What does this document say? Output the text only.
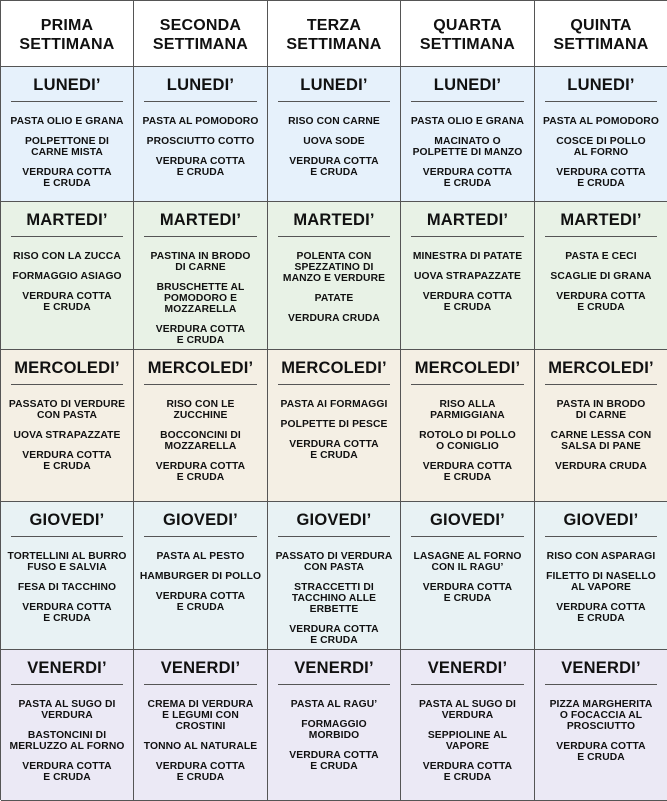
PRIMA
SETTIMANA
SECONDA
SETTIMANA
TERZA
SETTIMANA
QUARTA
SETTIMANA
QUINTA
SETTIMANA
LUNEDI’
PASTA OLIO E GRANA
POLPETTONE DI
CARNE MISTA
VERDURA COTTA
E CRUDA
LUNEDI’
PASTA AL POMODORO
PROSCIUTTO COTTO
VERDURA COTTA
E CRUDA
LUNEDI’
RISO CON CARNE
UOVA SODE
VERDURA COTTA
E CRUDA
LUNEDI’
PASTA OLIO E GRANA
MACINATO O
POLPETTE DI MANZO
VERDURA COTTA
E CRUDA
LUNEDI’
PASTA AL POMODORO
COSCE DI POLLO
AL FORNO
VERDURA COTTA
E CRUDA
MARTEDI’
RISO CON LA ZUCCA
FORMAGGIO ASIAGO
VERDURA COTTA
E CRUDA
MARTEDI’
PASTINA IN BRODO
DI CARNE
BRUSCHETTE AL
POMODORO E
MOZZARELLA
VERDURA COTTA
E CRUDA
MARTEDI’
POLENTA CON
SPEZZATINO DI
MANZO E VERDURE
PATATE
VERDURA CRUDA
MARTEDI’
MINESTRA DI PATATE
UOVA STRAPAZZATE
VERDURA COTTA
E CRUDA
MARTEDI’
PASTA E CECI
SCAGLIE DI GRANA
VERDURA COTTA
E CRUDA
MERCOLEDI’
PASSATO DI VERDURE
CON PASTA
UOVA STRAPAZZATE
VERDURA COTTA
E CRUDA
MERCOLEDI’
RISO CON LE
ZUCCHINE
BOCCONCINI DI
MOZZARELLA
VERDURA COTTA
E CRUDA
MERCOLEDI’
PASTA AI FORMAGGI
POLPETTE DI PESCE
VERDURA COTTA
E CRUDA
MERCOLEDI’
RISO ALLA
PARMIGGIANA
ROTOLO DI POLLO
O CONIGLIO
VERDURA COTTA
E CRUDA
MERCOLEDI’
PASTA IN BRODO
DI CARNE
CARNE LESSA CON
SALSA DI PANE
VERDURA CRUDA
GIOVEDI’
TORTELLINI AL BURRO
FUSO E SALVIA
FESA DI TACCHINO
VERDURA COTTA
E CRUDA
GIOVEDI’
PASTA AL PESTO
HAMBURGER DI POLLO
VERDURA COTTA
E CRUDA
GIOVEDI’
PASSATO DI VERDURA
CON PASTA
STRACCETTI DI
TACCHINO ALLE
ERBETTE
VERDURA COTTA
E CRUDA
GIOVEDI’
LASAGNE AL FORNO
CON IL RAGU’
VERDURA COTTA
E CRUDA
GIOVEDI’
RISO CON ASPARAGI
FILETTO DI NASELLO
AL VAPORE
VERDURA COTTA
E CRUDA
VENERDI’
PASTA AL SUGO DI
VERDURA
BASTONCINI DI
MERLUZZO AL FORNO
VERDURA COTTA
E CRUDA
VENERDI’
CREMA DI VERDURA
E LEGUMI CON CROSTINI
TONNO AL NATURALE
VERDURA COTTA
E CRUDA
VENERDI’
PASTA AL RAGU’
FORMAGGIO
MORBIDO
VERDURA COTTA
E CRUDA
VENERDI’
PASTA AL SUGO DI
VERDURA
SEPPIOLINE AL VAPORE
VERDURA COTTA
E CRUDA
VENERDI’
PIZZA MARGHERITA
O FOCACCIA AL
PROSCIUTTO
VERDURA COTTA
E CRUDA
